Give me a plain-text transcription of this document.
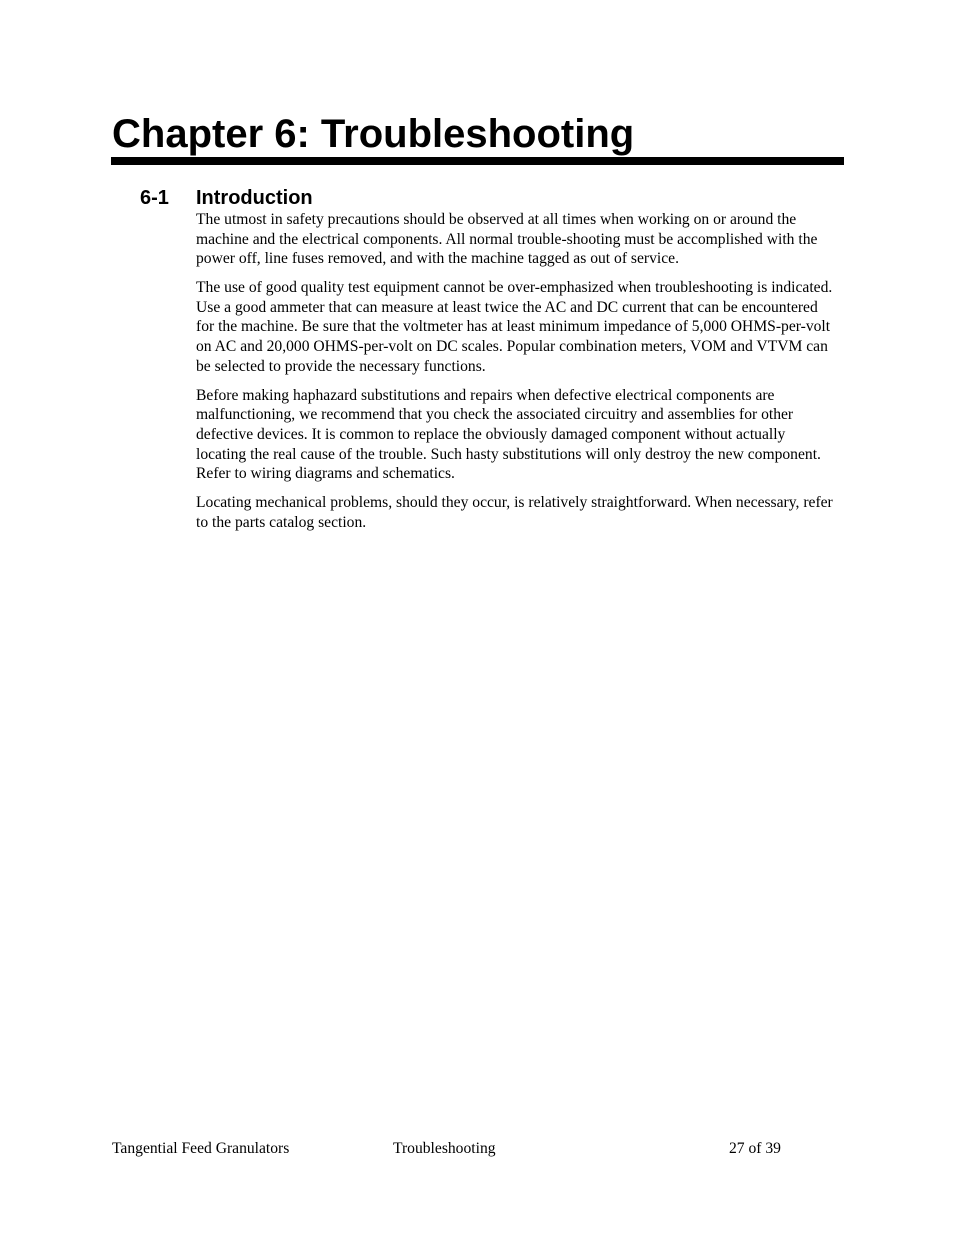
Chapter 6: Troubleshooting
6-1 Introduction

The utmost in safety precautions should be observed at all times when working on or around the machine and the electrical components. All normal trouble-shooting must be accomplished with the power off, line fuses removed, and with the machine tagged as out of service.

The use of good quality test equipment cannot be over-emphasized when troubleshooting is indicated. Use a good ammeter that can measure at least twice the AC and DC current that can be encountered for the machine. Be sure that the voltmeter has at least minimum impedance of 5,000 OHMS-per-volt on AC and 20,000 OHMS-per-volt on DC scales. Popular combination meters, VOM and VTVM can be selected to provide the necessary functions.

Before making haphazard substitutions and repairs when defective electrical components are malfunctioning, we recommend that you check the associated circuitry and assemblies for other defective devices. It is common to replace the obviously damaged component without actually locating the real cause of the trouble. Such hasty substitutions will only destroy the new component. Refer to wiring diagrams and schematics.

Locating mechanical problems, should they occur, is relatively straightforward. When necessary, refer to the parts catalog section.

Tangential Feed Granulators	Troubleshooting	27 of 39
